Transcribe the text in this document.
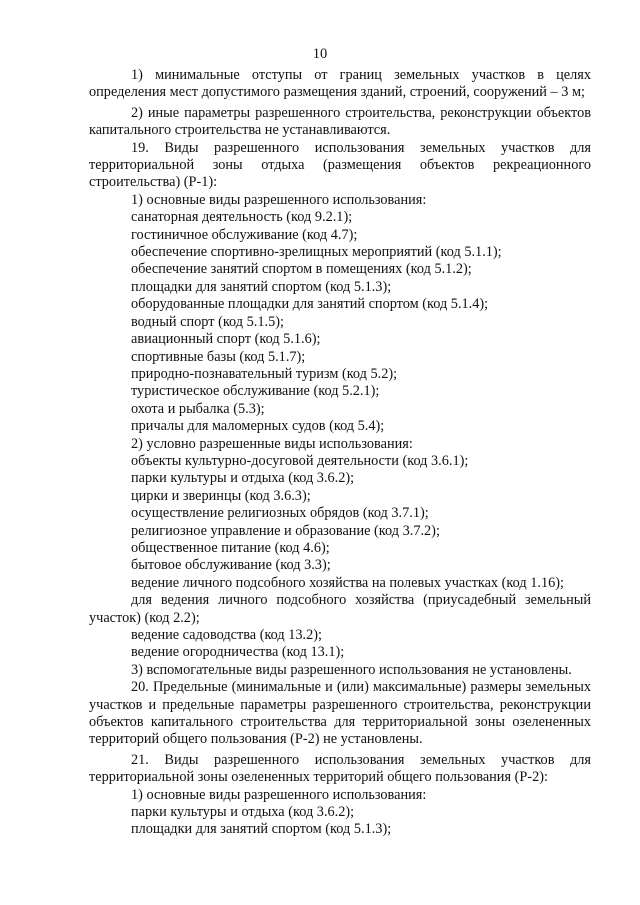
10

1) минимальные отступы от границ земельных участков в целях определения мест допустимого размещения зданий, строений, сооружений – 3 м;

2) иные параметры разрешенного строительства, реконструкции объектов капитального строительства не устанавливаются.

19. Виды разрешенного использования земельных участков для территориальной зоны отдыха (размещения объектов рекреационного строительства) (Р-1):

1) основные виды разрешенного использования:

санаторная деятельность (код 9.2.1);

гостиничное обслуживание (код 4.7);

обеспечение спортивно-зрелищных мероприятий (код 5.1.1);

обеспечение занятий спортом в помещениях (код 5.1.2);

площадки для занятий спортом (код 5.1.3);

оборудованные площадки для занятий спортом (код 5.1.4);

водный спорт (код 5.1.5);

авиационный спорт (код 5.1.6);

спортивные базы (код 5.1.7);

природно-познавательный туризм (код 5.2);

туристическое обслуживание (код 5.2.1);

охота и рыбалка (5.3);

причалы для маломерных судов (код 5.4);

2) условно разрешенные виды использования:

объекты культурно-досуговой деятельности (код 3.6.1);

парки культуры и отдыха (код 3.6.2);

цирки и зверинцы (код 3.6.3);

осуществление религиозных обрядов (код 3.7.1);

религиозное управление и образование (код 3.7.2);

общественное питание (код 4.6);

бытовое обслуживание (код 3.3);

ведение личного подсобного хозяйства на полевых участках (код 1.16);

для ведения личного подсобного хозяйства (приусадебный земельный участок) (код 2.2);

ведение садоводства (код 13.2);

ведение огородничества (код 13.1);

3) вспомогательные виды разрешенного использования не установлены.

20. Предельные (минимальные и (или) максимальные) размеры земельных участков и предельные параметры разрешенного строительства, реконструкции объектов капитального строительства для территориальной зоны озелененных территорий общего пользования (Р-2) не установлены.

21. Виды разрешенного использования земельных участков для территориальной зоны озелененных территорий общего пользования (Р-2):

1) основные виды разрешенного использования:

парки культуры и отдыха (код 3.6.2);

площадки для занятий спортом (код 5.1.3);
